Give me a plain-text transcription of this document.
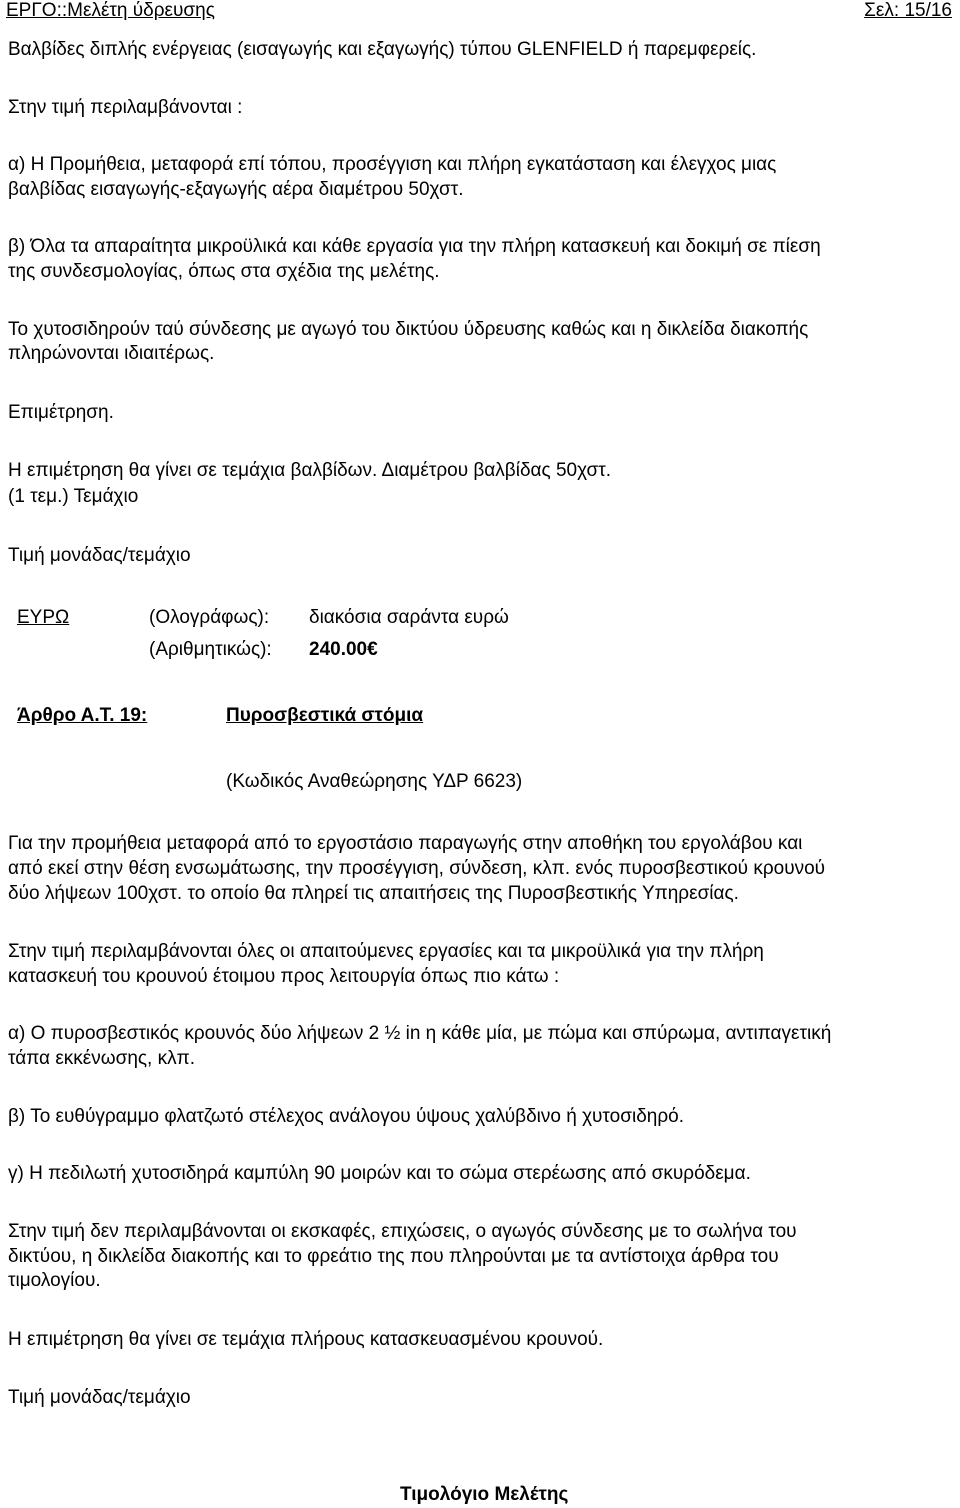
ΕΡΓΟ::Μελέτη ύδρευσης	Σελ: 15/16
Βαλβίδες διπλής ενέργειας (εισαγωγής και εξαγωγής) τύπου GLENFIELD ή παρεμφερείς.
Στην τιμή περιλαμβάνονται :
α) Η Προμήθεια, μεταφορά επί τόπου, προσέγγιση και πλήρη εγκατάσταση και έλεγχος μιας
βαλβίδας εισαγωγής-εξαγωγής αέρα διαμέτρου 50χστ.
β) Όλα τα απαραίτητα μικροϋλικά και κάθε εργασία για την πλήρη κατασκευή και δοκιμή σε πίεση
της συνδεσμολογίας, όπως στα σχέδια της μελέτης.
Το χυτοσιδηρούν ταύ σύνδεσης με αγωγό του δικτύου ύδρευσης καθώς και η δικλείδα διακοπής
πληρώνονται ιδιαιτέρως.
Επιμέτρηση.
Η επιμέτρηση θα γίνει σε τεμάχια βαλβίδων. Διαμέτρου βαλβίδας 50χστ.
(1 τεμ.) Τεμάχιο
Τιμή μονάδας/τεμάχιο
ΕΥΡΩ	(Ολογράφως): διακόσια σαράντα ευρώ
(Αριθμητικώς): 240.00€
Άρθρο Α.Τ. 19:	Πυροσβεστικά στόμια
(Κωδικός Αναθεώρησης ΥΔΡ 6623)
Για την προμήθεια μεταφορά από το εργοστάσιο παραγωγής στην αποθήκη του εργολάβου και
από εκεί στην θέση ενσωμάτωσης, την προσέγγιση, σύνδεση, κλπ. ενός πυροσβεστικού κρουνού
δύο λήψεων 100χστ. το οποίο θα πληρεί τις απαιτήσεις της Πυροσβεστικής Υπηρεσίας.
Στην τιμή περιλαμβάνονται όλες οι απαιτούμενες εργασίες και τα μικροϋλικά για την πλήρη
κατασκευή του κρουνού έτοιμου προς λειτουργία όπως πιο κάτω :
α) Ο πυροσβεστικός κρουνός δύο λήψεων 2 ½ in η κάθε μία, με πώμα και σπύρωμα, αντιπαγετική
τάπα εκκένωσης, κλπ.
β) Το ευθύγραμμο φλατζωτό στέλεχος ανάλογου ύψους χαλύβδινο ή χυτοσιδηρό.
γ) Η πεδιλωτή χυτοσιδηρά καμπύλη 90 μοιρών και το σώμα στερέωσης από σκυρόδεμα.
Στην τιμή δεν περιλαμβάνονται οι εκσκαφές, επιχώσεις, ο αγωγός σύνδεσης με το σωλήνα του
δικτύου, η δικλείδα διακοπής και το φρεάτιο της που πληρούνται με τα αντίστοιχα άρθρα του
τιμολογίου.
Η επιμέτρηση θα γίνει σε τεμάχια πλήρους κατασκευασμένου κρουνού.
Τιμή μονάδας/τεμάχιο
Τιμολόγιο Μελέτης
